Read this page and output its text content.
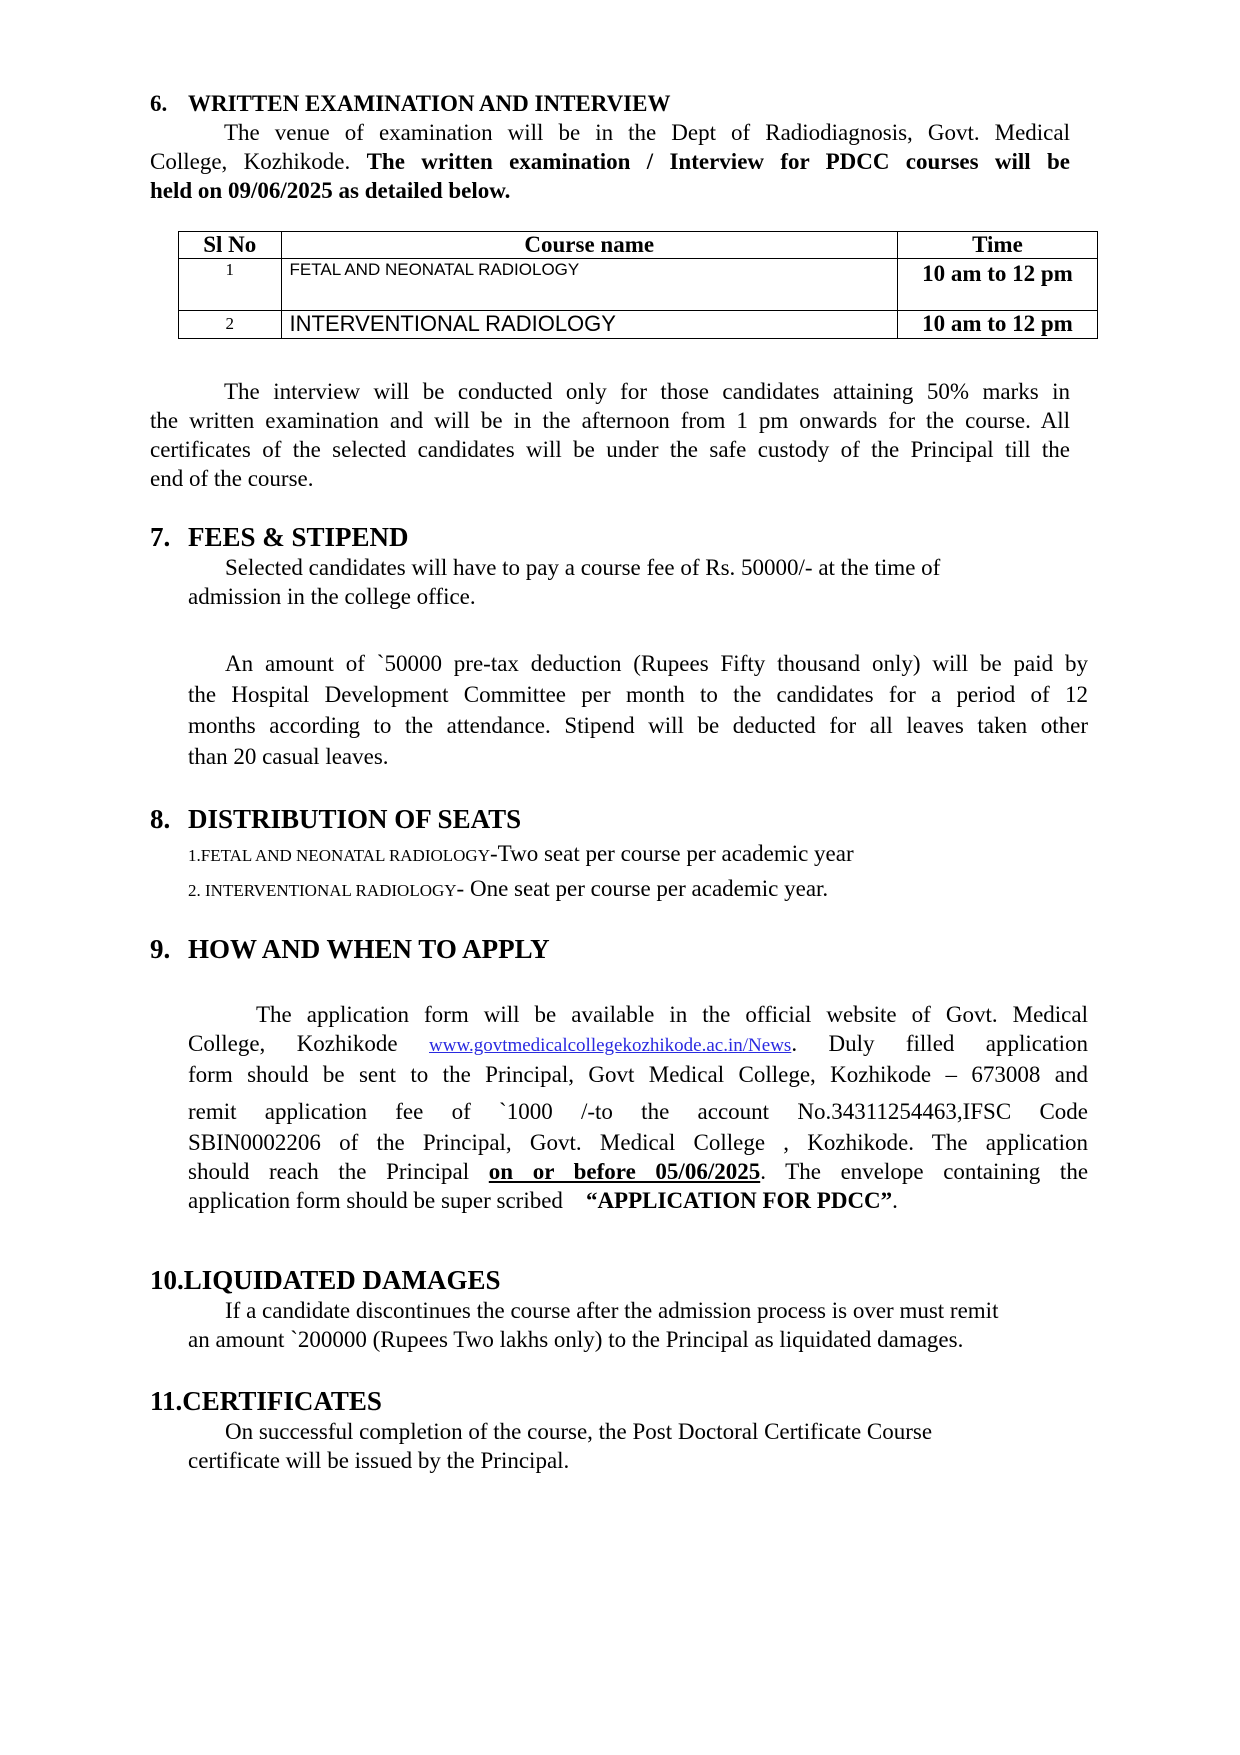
6. WRITTEN EXAMINATION AND INTERVIEW
The venue of examination will be in the Dept of Radiodiagnosis, Govt. Medical
College, Kozhikode. The written examination / Interview for PDCC courses will be
held on 09/06/2025 as detailed below.
Sl No	Course name	Time
1	FETAL AND NEONATAL RADIOLOGY	10 am to 12 pm
2	INTERVENTIONAL RADIOLOGY	10 am to 12 pm
The interview will be conducted only for those candidates attaining 50% marks in
the written examination and will be in the afternoon from 1 pm onwards for the course. All
certificates of the selected candidates will be under the safe custody of the Principal till the
end of the course.
7. FEES & STIPEND
Selected candidates will have to pay a course fee of Rs. 50000/- at the time of
admission in the college office.
An amount of `50000 pre-tax deduction (Rupees Fifty thousand only) will be paid by
the Hospital Development Committee per month to the candidates for a period of 12
months according to the attendance. Stipend will be deducted for all leaves taken other
than 20 casual leaves.
8. DISTRIBUTION OF SEATS
1.FETAL AND NEONATAL RADIOLOGY-Two seat per course per academic year
2. INTERVENTIONAL RADIOLOGY- One seat per course per academic year.
9. HOW AND WHEN TO APPLY
The application form will be available in the official website of Govt. Medical
College, Kozhikode www.govtmedicalcollegekozhikode.ac.in/News. Duly filled application
form should be sent to the Principal, Govt Medical College, Kozhikode – 673008 and
remit application fee of `1000 /-to the account No.34311254463,IFSC Code
SBIN0002206 of the Principal, Govt. Medical College , Kozhikode. The application
should reach the Principal on or before 05/06/2025. The envelope containing the
application form should be super scribed “APPLICATION FOR PDCC”.
10.LIQUIDATED DAMAGES
If a candidate discontinues the course after the admission process is over must remit
an amount `200000 (Rupees Two lakhs only) to the Principal as liquidated damages.
11.CERTIFICATES
On successful completion of the course, the Post Doctoral Certificate Course
certificate will be issued by the Principal.
